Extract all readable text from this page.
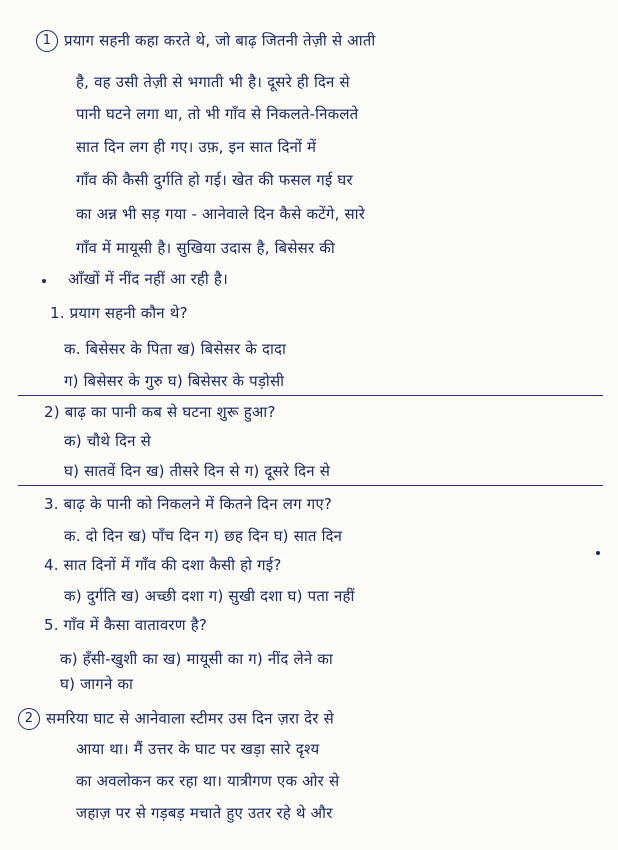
1 प्रयाग सहनी कहा करते थे, जो बाढ़ जितनी तेज़ी से आती
है, वह उसी तेज़ी से भगाती भी है। दूसरे ही दिन से
पानी घटने लगा था, तो भी गाँव से निकलते-निकलते
सात दिन लग ही गए। उफ़, इन सात दिनों में
गाँव की कैसी दुर्गति हो गई। खेत की फसल गई घर
का अन्न भी सड़ गया - आनेवाले दिन कैसे कटेंगे, सारे
गाँव में मायूसी है। सुखिया उदास है, बिसेसर की
आँखों में नींद नहीं आ रही है।
1. प्रयाग सहनी कौन थे?
क. बिसेसर के पिता ख) बिसेसर के दादा
ग) बिसेसर के गुरु घ) बिसेसर के पड़ोसी
2) बाढ़ का पानी कब से घटना शुरू हुआ?
क) चौथे दिन से
घ) सातवें दिन ख) तीसरे दिन से ग) दूसरे दिन से
3. बाढ़ के पानी को निकलने में कितने दिन लग गए?
क. दो दिन ख) पाँच दिन ग) छह दिन घ) सात दिन
4. सात दिनों में गाँव की दशा कैसी हो गई?
क) दुर्गति ख) अच्छी दशा ग) सुखी दशा घ) पता नहीं
5. गाँव में कैसा वातावरण है?
क) हँसी-खुशी का ख) मायूसी का ग) नींद लेने का
घ) जागने का
2 समरिया घाट से आनेवाला स्टीमर उस दिन ज़रा देर से
आया था। मैं उत्तर के घाट पर खड़ा सारे दृश्य
का अवलोकन कर रहा था। यात्रीगण एक ओर से
जहाज़ पर से गड़बड़ मचाते हुए उतर रहे थे और
